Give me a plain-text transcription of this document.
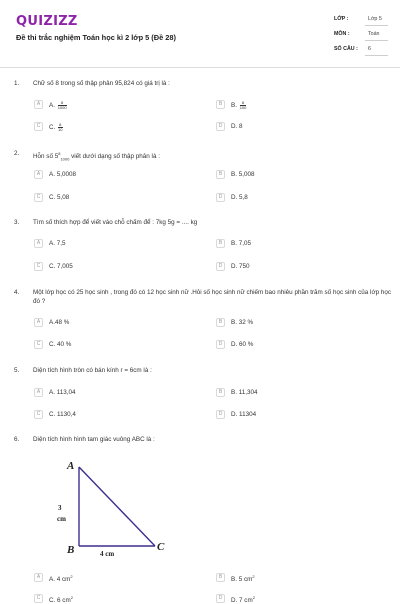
QUIZIZZ
Đề thi trắc nghiệm Toán học kì 2 lớp 5 (Đề 28)
LỚP :	Lớp 5
MÔN :	Toán
SỐ CÂU :	6
1. Chữ số 8 trong số thập phân 95,824 có giá trị là :
A	A. $\frac{8}{1000}$	B	B. $\frac{8}{100}$
C	C. $\frac{8}{10}$	D	D. 8
2. Hỗn số $5^8_{1000}$ viết dưới dạng số thập phân là :
A	A. 5,0008	B	B. 5,008
C	C. 5,08	D	D. 5,8
3. Tìm số thích hợp để viết vào chỗ chấm để : 7kg 5g = .... kg
A	A. 7,5	B	B. 7,05
C	C. 7,005	D	D. 750
4. Một lớp học có 25 học sinh , trong đó có 12 học sinh nữ .Hỏi số học sinh nữ chiếm bao nhiêu phần trăm số học sinh của lớp học đó ?
A	A.48 %	B	B. 32 %
C	C. 40 %	D	D. 60 %
5. Diện tích hình tròn có bán kính r = 6cm là :
A	A. 113,04	B	B. 11,304
C	C. 1130,4	D	D. 11304
6. Diện tích hình hình tam giác vuông ABC là :
A
B	C
3
cm
4 cm
A	A. 4 $cm^2$	B	B. 5 $cm^2$
C	C. 6 $cm^2$	D	D. 7 $cm^2$
